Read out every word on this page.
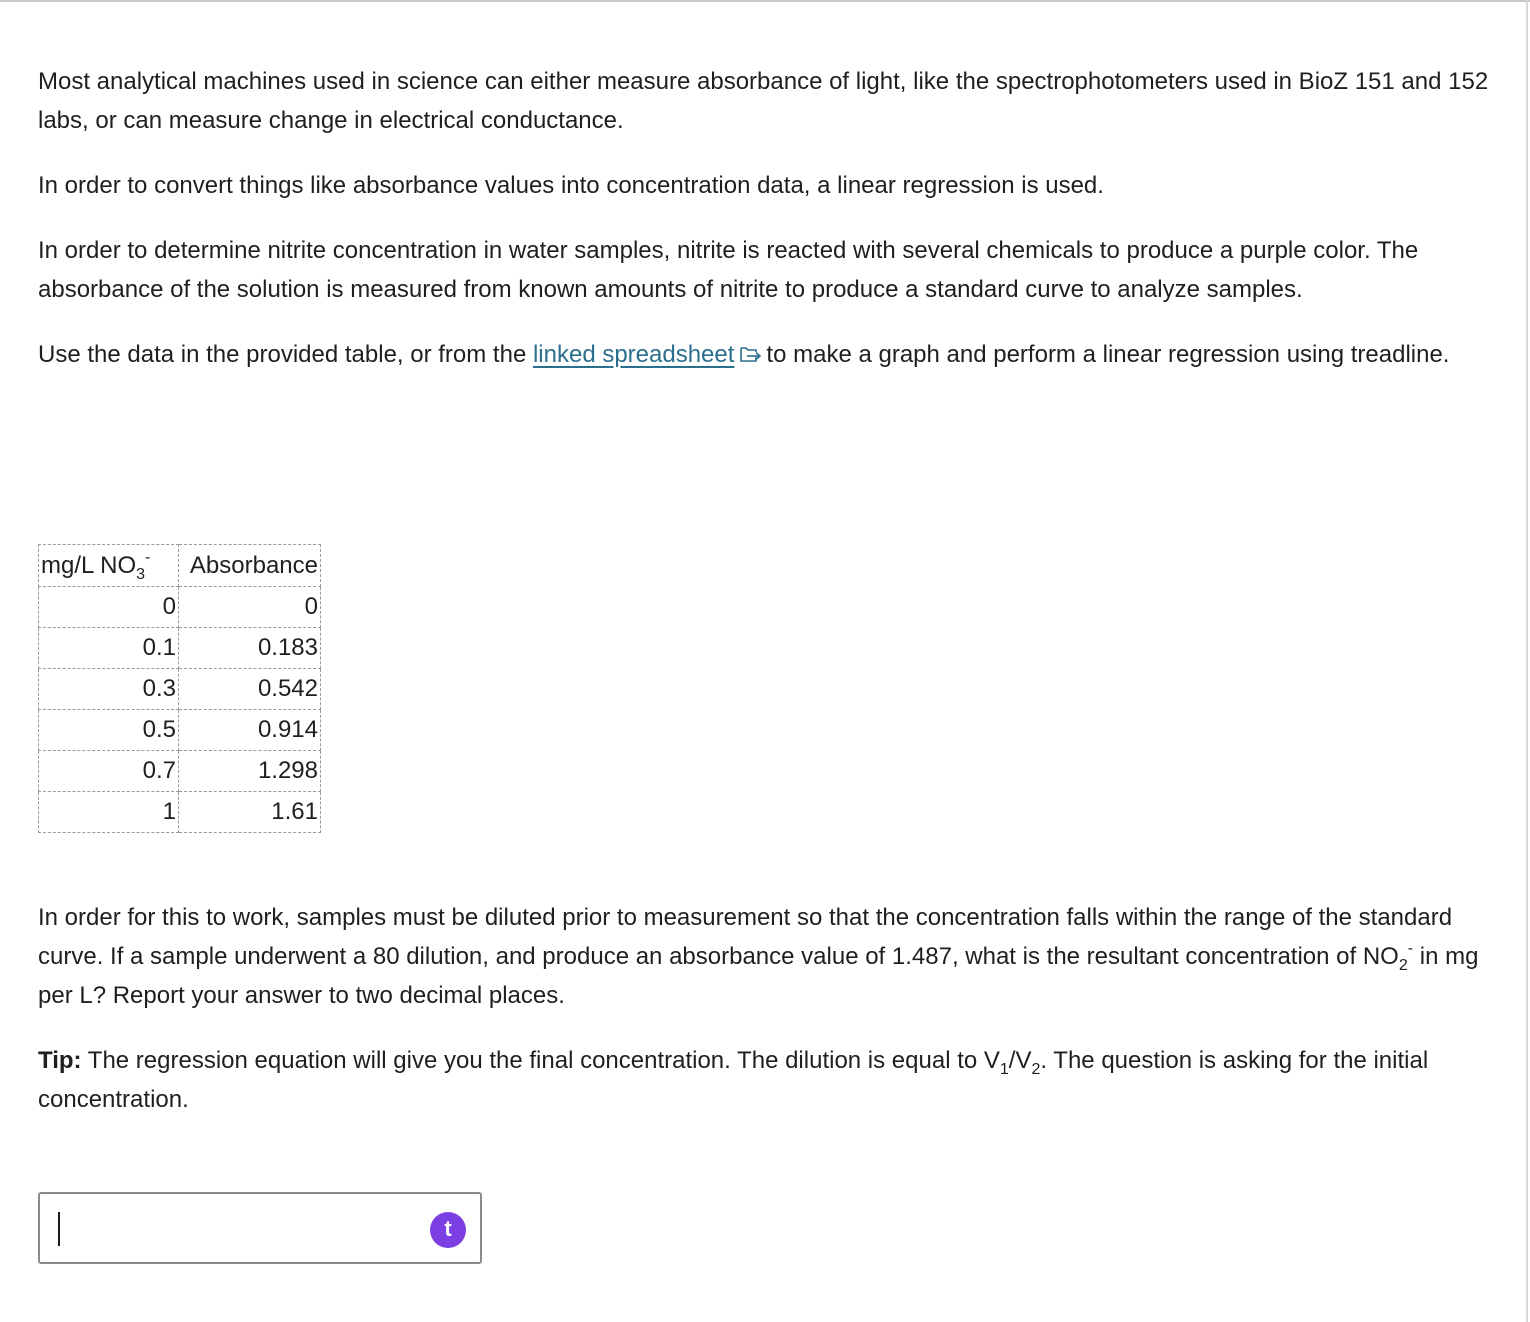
Most analytical machines used in science can either measure absorbance of light, like the spectrophotometers used in BioZ 151 and 152 labs, or can measure change in electrical conductance.

In order to convert things like absorbance values into concentration data, a linear regression is used.

In order to determine nitrite concentration in water samples, nitrite is reacted with several chemicals to produce a purple color. The absorbance of the solution is measured from known amounts of nitrite to produce a standard curve to analyze samples.

Use the data in the provided table, or from the linked spreadsheet to make a graph and perform a linear regression using treadline.

mg/L $NO_3^-$	Absorbance
0	0
0.1	0.183
0.3	0.542
0.5	0.914
0.7	1.298
1	1.61

In order for this to work, samples must be diluted prior to measurement so that the concentration falls within the range of the standard curve. If a sample underwent a 80 dilution, and produce an absorbance value of 1.487, what is the resultant concentration of $NO_2^-$ in mg per L? Report your answer to two decimal places.

Tip: The regression equation will give you the final concentration. The dilution is equal to $V_1/V_2$. The question is asking for the initial concentration.

t
